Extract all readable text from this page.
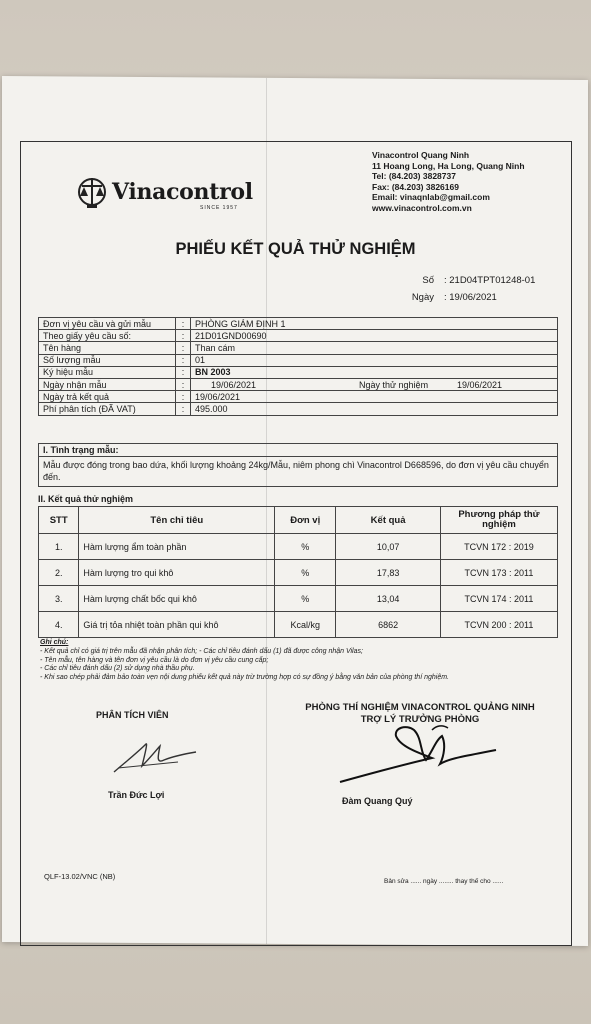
Vinacontrol
SINCE 1957
Vinacontrol Quang Ninh
11 Hoang Long, Ha Long, Quang Ninh
Tel: (84.203) 3828737
Fax: (84.203) 3826169
Email: vinaqnlab@gmail.com
www.vinacontrol.com.vn
PHIẾU KẾT QUẢ THỬ NGHIỆM
Số : 21D04TPT01248-01
Ngày : 19/06/2021
Đơn vị yêu cầu và gửi mẫu	:	PHÒNG GIÁM ĐỊNH 1		
Theo giấy yêu cầu số:	:	21D01GND00690		
Tên hàng	:	Than cám		
Số lượng mẫu	:	01		
Ký hiệu mẫu	:	BN 2003		
Ngày nhận mẫu	:	19/06/2021	Ngày thử nghiệm	19/06/2021
Ngày trả kết quả	:	19/06/2021		
Phí phân tích (ĐÃ VAT)	:	495.000		
I. Tình trạng mẫu:
Mẫu được đóng trong bao dứa, khối lượng khoảng 24kg/Mẫu, niêm phong chì Vinacontrol D668596, do đơn vị yêu cầu chuyển đến.
II. Kết quả thử nghiệm
STT	Tên chỉ tiêu	Đơn vị	Kết quả	Phương pháp thử nghiệm
1.	Hàm lượng ẩm toàn phần	%	10,07	TCVN 172 : 2019
2.	Hàm lượng tro qui khô	%	17,83	TCVN 173 : 2011
3.	Hàm lượng chất bốc qui khô	%	13,04	TCVN 174 : 2011
4.	Giá trị tỏa nhiệt toàn phần qui khô	Kcal/kg	6862	TCVN 200 : 2011
Ghi chú:
- Kết quả chỉ có giá trị trên mẫu đã nhận phân tích; - Các chỉ tiêu đánh dấu (1) đã được công nhận Vilas;
- Tên mẫu, tên hàng và tên đơn vị yêu cầu là do đơn vị yêu cầu cung cấp;
- Các chỉ tiêu đánh dấu (2) sử dụng nhà thầu phụ.
- Khi sao chép phải đảm bảo toàn vẹn nội dung phiếu kết quả này trừ trường hợp có sự đồng ý bằng văn bản của phòng thí nghiệm.
PHÂN TÍCH VIÊN
PHÒNG THÍ NGHIỆM VINACONTROL QUẢNG NINH
TRỢ LÝ TRƯỞNG PHÒNG
Trần Đức Lợi
Đàm Quang Quý
QLF-13.02/VNC (NB)
Bản sửa ...... ngày ........ thay thế cho ......
